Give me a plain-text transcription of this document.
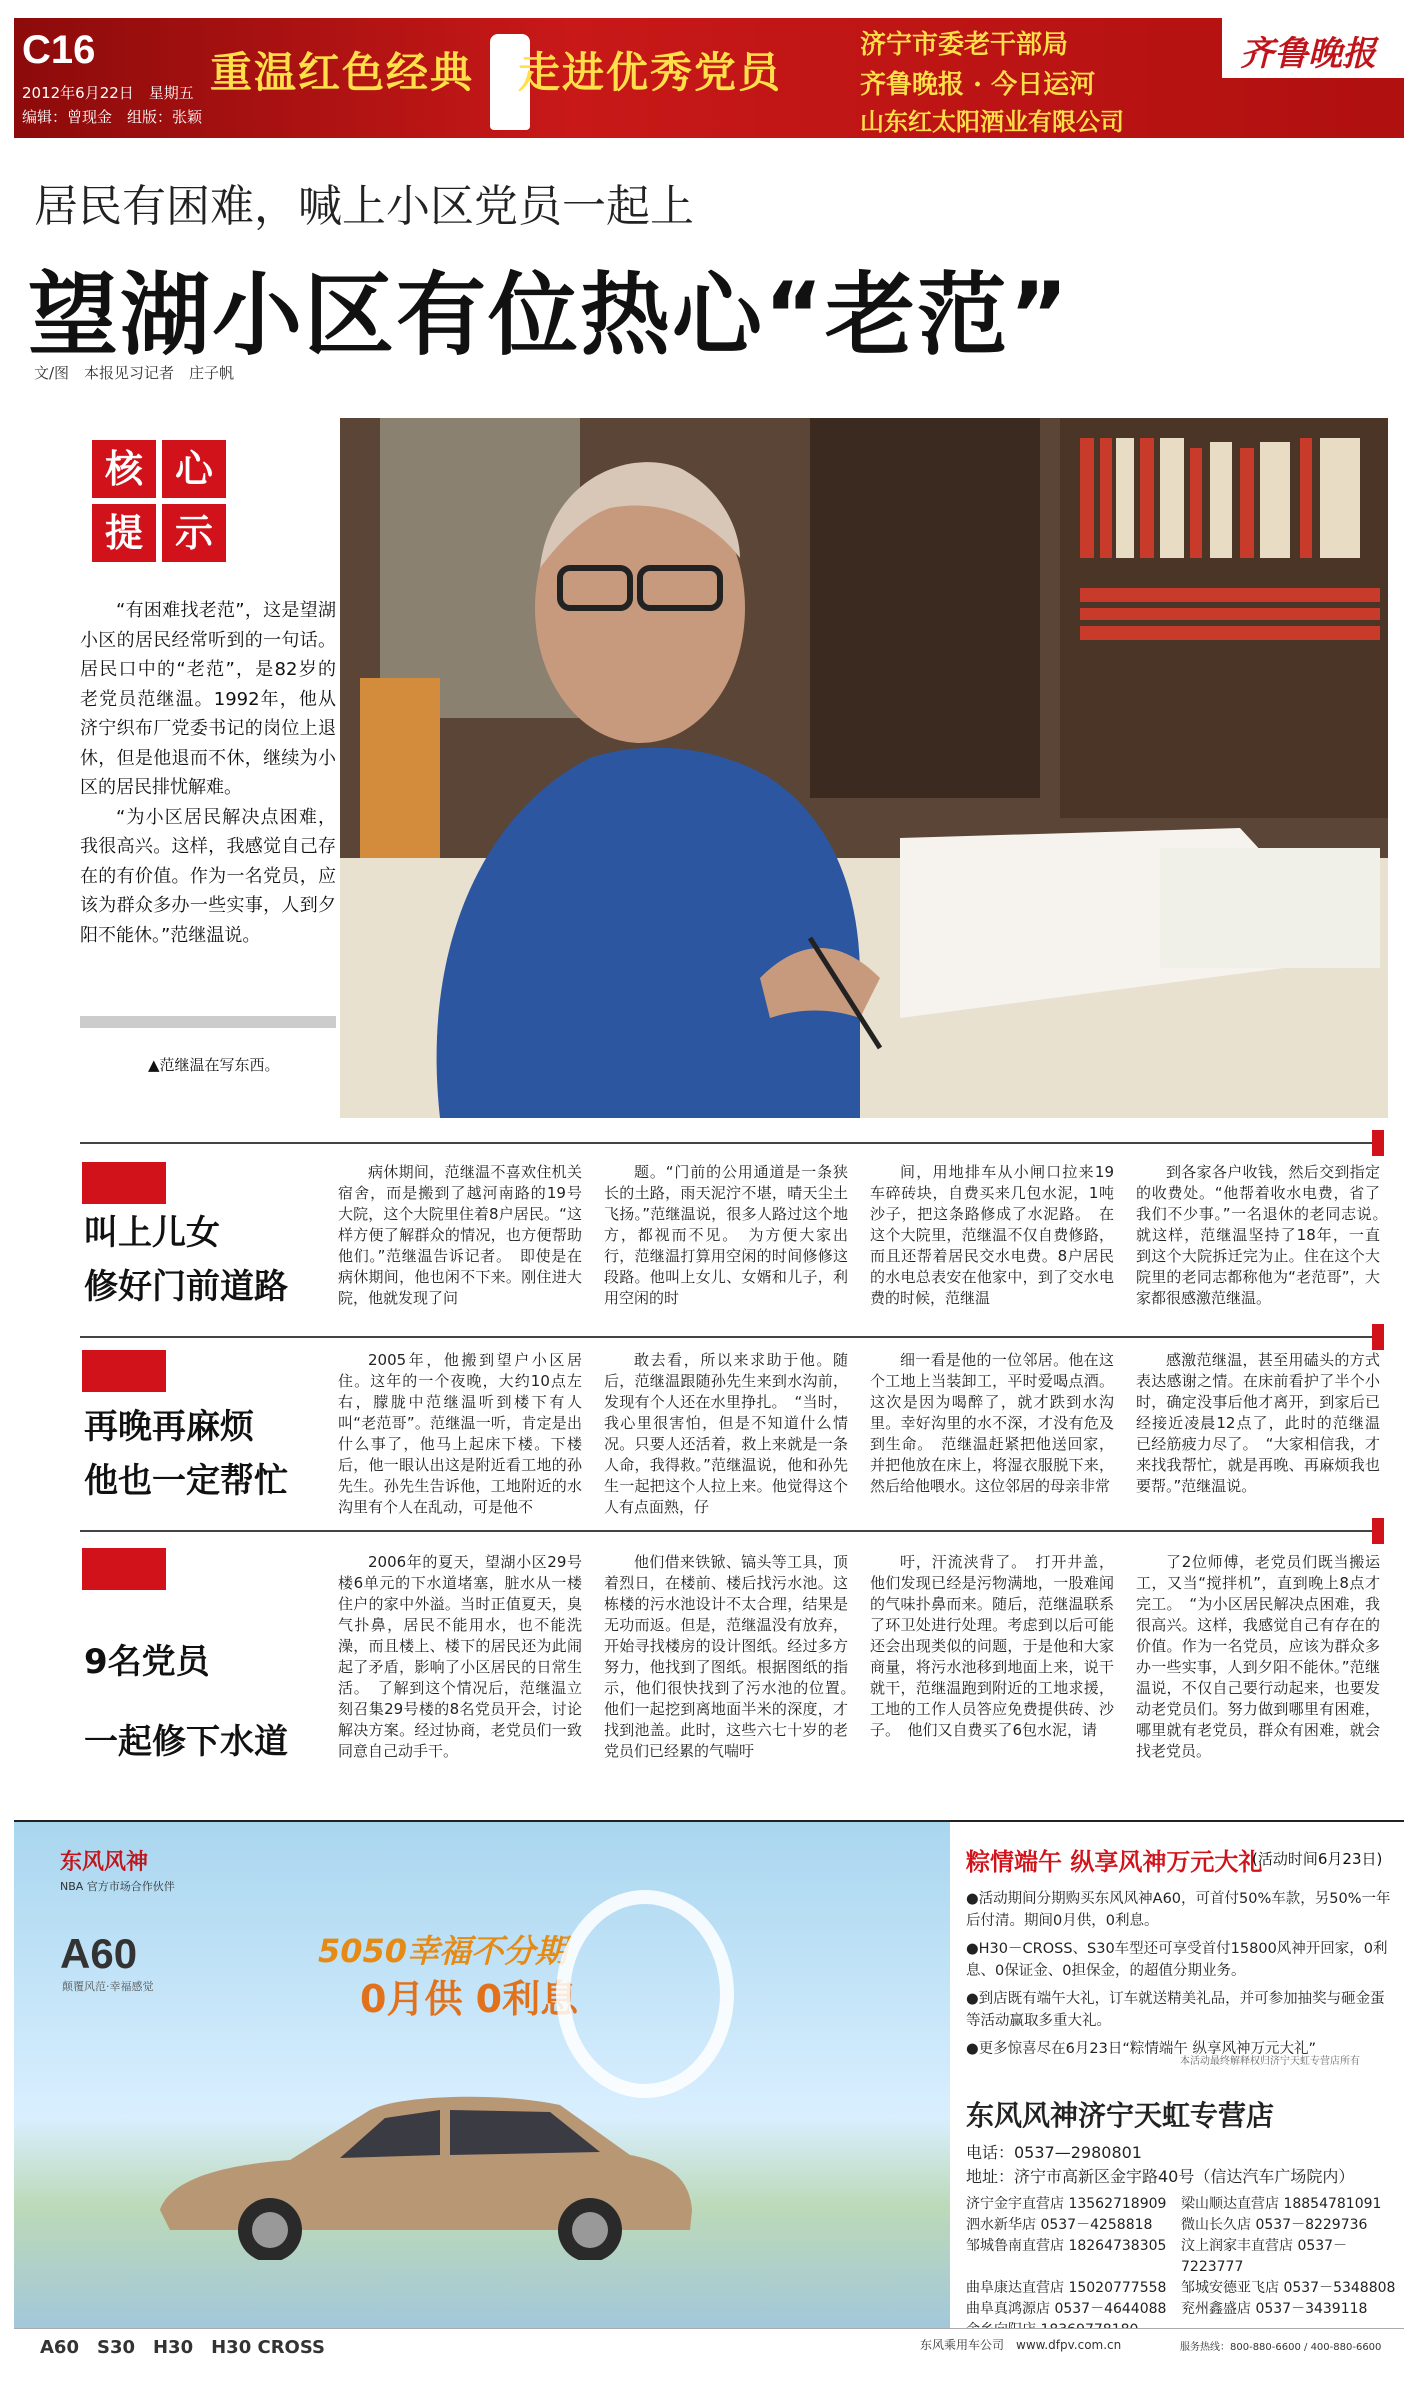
C16
2012年6月22日　星期五
编辑：曾现金　组版：张颖
重温红色经典　走进优秀党员
济宁市委老干部局
齐鲁晚报 · 今日运河
山东红太阳酒业有限公司
齐鲁晚报
居民有困难，喊上小区党员一起上
望湖小区有位热心“老范”
文/图　本报见习记者　庄子帆
核 心
提 示

“有困难找老范”，这是望湖小区的居民经常听到的一句话。居民口中的“老范”，是82岁的老党员范继温。1992年，他从济宁织布厂党委书记的岗位上退休，但是他退而不休，继续为小区的居民排忧解难。

“为小区居民解决点困难，我很高兴。这样，我感觉自己存在的有价值。作为一名党员，应该为群众多办一些实事，人到夕阳不能休。”范继温说。

▲范继温在写东西。
叫上儿女
修好门前道路

病休期间，范继温不喜欢住机关宿舍，而是搬到了越河南路的19号大院，这个大院里住着8户居民。“这样方便了解群众的情况，也方便帮助他们。”范继温告诉记者。　即使是在病休期间，他也闲不下来。刚住进大院，他就发现了问

题。“门前的公用通道是一条狭长的土路，雨天泥泞不堪，晴天尘土飞扬。”范继温说，很多人路过这个地方，都视而不见。　为方便大家出行，范继温打算用空闲的时间修修这段路。他叫上女儿、女婿和儿子，利用空闲的时

间，用地排车从小闸口拉来19车碎砖块，自费买来几包水泥，1吨沙子，把这条路修成了水泥路。　在这个大院里，范继温不仅自费修路，而且还帮着居民交水电费。8户居民的水电总表安在他家中，到了交水电费的时候，范继温

到各家各户收钱，然后交到指定的收费处。“他帮着收水电费，省了我们不少事。”一名退休的老同志说。　就这样，范继温坚持了18年，一直到这个大院拆迁完为止。住在这个大院里的老同志都称他为“老范哥”，大家都很感激范继温。

再晚再麻烦
他也一定帮忙

2005年，他搬到望户小区居住。这年的一个夜晚，大约10点左右，朦胧中范继温听到楼下有人叫“老范哥”。范继温一听，肯定是出什么事了，他马上起床下楼。下楼后，他一眼认出这是附近看工地的孙先生。孙先生告诉他，工地附近的水沟里有个人在乱动，可是他不

敢去看，所以来求助于他。随后，范继温跟随孙先生来到水沟前，发现有个人还在水里挣扎。　“当时，我心里很害怕，但是不知道什么情况。只要人还活着，救上来就是一条人命，我得救。”范继温说，他和孙先生一起把这个人拉上来。他觉得这个人有点面熟，仔

细一看是他的一位邻居。他在这个工地上当装卸工，平时爱喝点酒。这次是因为喝醉了，就才跌到水沟里。幸好沟里的水不深，才没有危及到生命。　范继温赶紧把他送回家，并把他放在床上，将湿衣服脱下来，然后给他喂水。这位邻居的母亲非常

感激范继温，甚至用磕头的方式表达感谢之情。在床前看护了半个小时，确定没事后他才离开，到家后已经接近凌晨12点了，此时的范继温已经筋疲力尽了。　“大家相信我，才来找我帮忙，就是再晚、再麻烦我也要帮。”范继温说。

9名党员
一起修下水道

2006年的夏天，望湖小区29号楼6单元的下水道堵塞，脏水从一楼住户的家中外溢。当时正值夏天，臭气扑鼻，居民不能用水，也不能洗澡，而且楼上、楼下的居民还为此闹起了矛盾，影响了小区居民的日常生活。　了解到这个情况后，范继温立刻召集29号楼的8名党员开会，讨论解决方案。经过协商，老党员们一致同意自己动手干。

他们借来铁锨、镐头等工具，顶着烈日，在楼前、楼后找污水池。这栋楼的污水池设计不太合理，结果是无功而返。但是，范继温没有放弃，开始寻找楼房的设计图纸。经过多方努力，他找到了图纸。根据图纸的指示，他们很快找到了污水池的位置。　他们一起挖到离地面半米的深度，才找到池盖。此时，这些六七十岁的老党员们已经累的气喘吁

吁，汗流浃背了。　打开井盖，他们发现已经是污物满地，一股难闻的气味扑鼻而来。随后，范继温联系了环卫处进行处理。考虑到以后可能还会出现类似的问题，于是他和大家商量，将污水池移到地面上来，说干就干，范继温跑到附近的工地求援，工地的工作人员答应免费提供砖、沙子。　他们又自费买了6包水泥，请

了2位师傅，老党员们既当搬运工，又当“搅拌机”，直到晚上8点才完工。　“为小区居民解决点困难，我很高兴。这样，我感觉自己有存在的价值。作为一名党员，应该为群众多办一些实事，人到夕阳不能休。”范继温说，不仅自己要行动起来，也要发动老党员们。努力做到哪里有困难，哪里就有老党员，群众有困难，就会找老党员。

东风风神
NBA 官方市场合作伙伴
A60
颠覆风范·幸福感觉
5050幸福不分期
0月供 0利息
粽情端午 纵享风神万元大礼
(活动时间6月23日)
●活动期间分期购买东风风神A60，可首付50%车款，另50%一年后付清。期间0月供，0利息。
●H30－CROSS、S30车型还可享受首付15800风神开回家，0利息、0保证金、0担保金，的超值分期业务。
●到店既有端午大礼，订车就送精美礼品，并可参加抽奖与砸金蛋等活动赢取多重大礼。
●更多惊喜尽在6月23日“粽情端午 纵享风神万元大礼”
本活动最终解释权归济宁天虹专营店所有
东风风神济宁天虹专营店
电话：0537—2980801
地址：济宁市高新区金宇路40号（信达汽车广场院内）
济宁金宇直营店 13562718909	梁山顺达直营店 18854781091
泗水新华店 0537－4258818	微山长久店 0537－8229736
邹城鲁南直营店 18264738305	汶上润家丰直营店 0537－7223777
曲阜康达直营店 15020777558	邹城安德亚飞店 0537－5348808
曲阜真鸿源店 0537－4644088	兖州鑫盛店 0537－3439118
A60　S30　H30　H30 CROSS	东风乘用车公司　www.dfpv.com.cn	服务热线：800-880-6600 / 400-880-6600
